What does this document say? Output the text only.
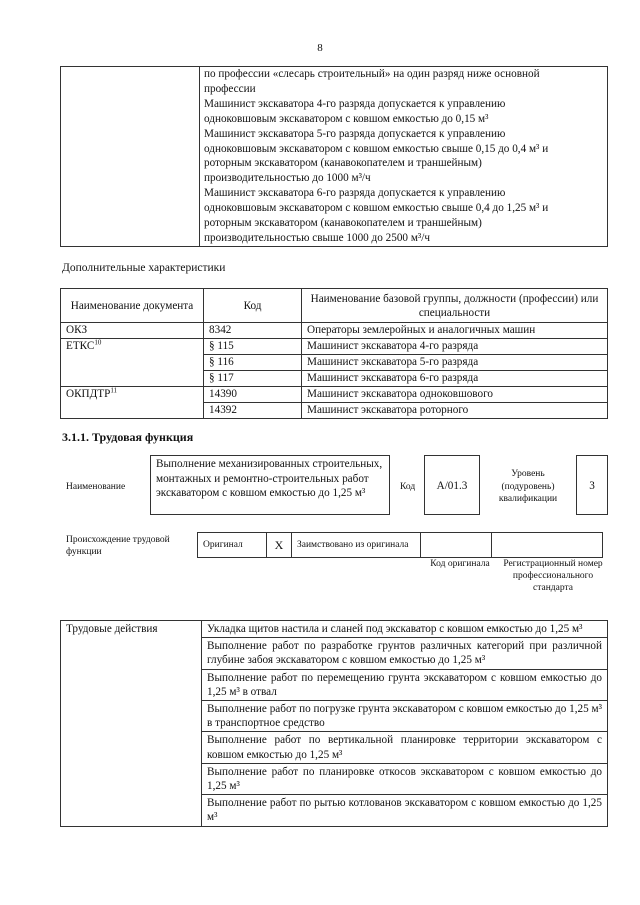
8

по профессии «слесарь строительный» на один разряд ниже основной
профессии
Машинист экскаватора 4-го разряда допускается к управлению
одноковшовым экскаватором с ковшом емкостью до 0,15 м³
Машинист экскаватора 5-го разряда допускается к управлению
одноковшовым экскаватором с ковшом емкостью свыше 0,15 до 0,4 м³ и
роторным экскаватором (канавокопателем и траншейным)
производительностью до 1000 м³/ч
Машинист экскаватора 6-го разряда допускается к управлению
одноковшовым экскаватором с ковшом емкостью свыше 0,4 до 1,25 м³ и
роторным экскаватором (канавокопателем и траншейным)
производительностью свыше 1000 до 2500 м³/ч
Дополнительные характеристики
Наименование документа	Код	Наименование базовой группы, должности (профессии) или специальности
ОКЗ	8342	Операторы землеройных и аналогичных машин
ЕТКС$^{10}$	§ 115	Машинист экскаватора 4-го разряда
	§ 116	Машинист экскаватора 5-го разряда
	§ 117	Машинист экскаватора 6-го разряда
ОКПДТР$^{11}$	14390	Машинист экскаватора одноковшового
	14392	Машинист экскаватора роторного
3.1.1. Трудовая функция
Наименование
Выполнение механизированных строительных, монтажных и ремонтно-строительных работ экскаватором с ковшом емкостью до 1,25 м³	Код	A/01.3
Уровень (подуровень) квалификации
3
Происхождение трудовой функции
Оригинал	X	Заимствовано из оригинала		
Код оригинала	Регистрационный номер профессионального стандарта
Трудовые действия	Укладка щитов настила и сланей под экскаватор с ковшом емкостью до 1,25 м³
Выполнение работ по разработке грунтов различных категорий при различной глубине забоя экскаватором с ковшом емкостью до 1,25 м³
Выполнение работ по перемещению грунта экскаватором с ковшом емкостью до 1,25 м³ в отвал
Выполнение работ по погрузке грунта экскаватором с ковшом емкостью до 1,25 м³ в транспортное средство
Выполнение работ по вертикальной планировке территории экскаватором с ковшом емкостью до 1,25 м³
Выполнение работ по планировке откосов экскаватором с ковшом емкостью до 1,25 м³
Выполнение работ по рытью котлованов экскаватором с ковшом емкостью до 1,25 м³
